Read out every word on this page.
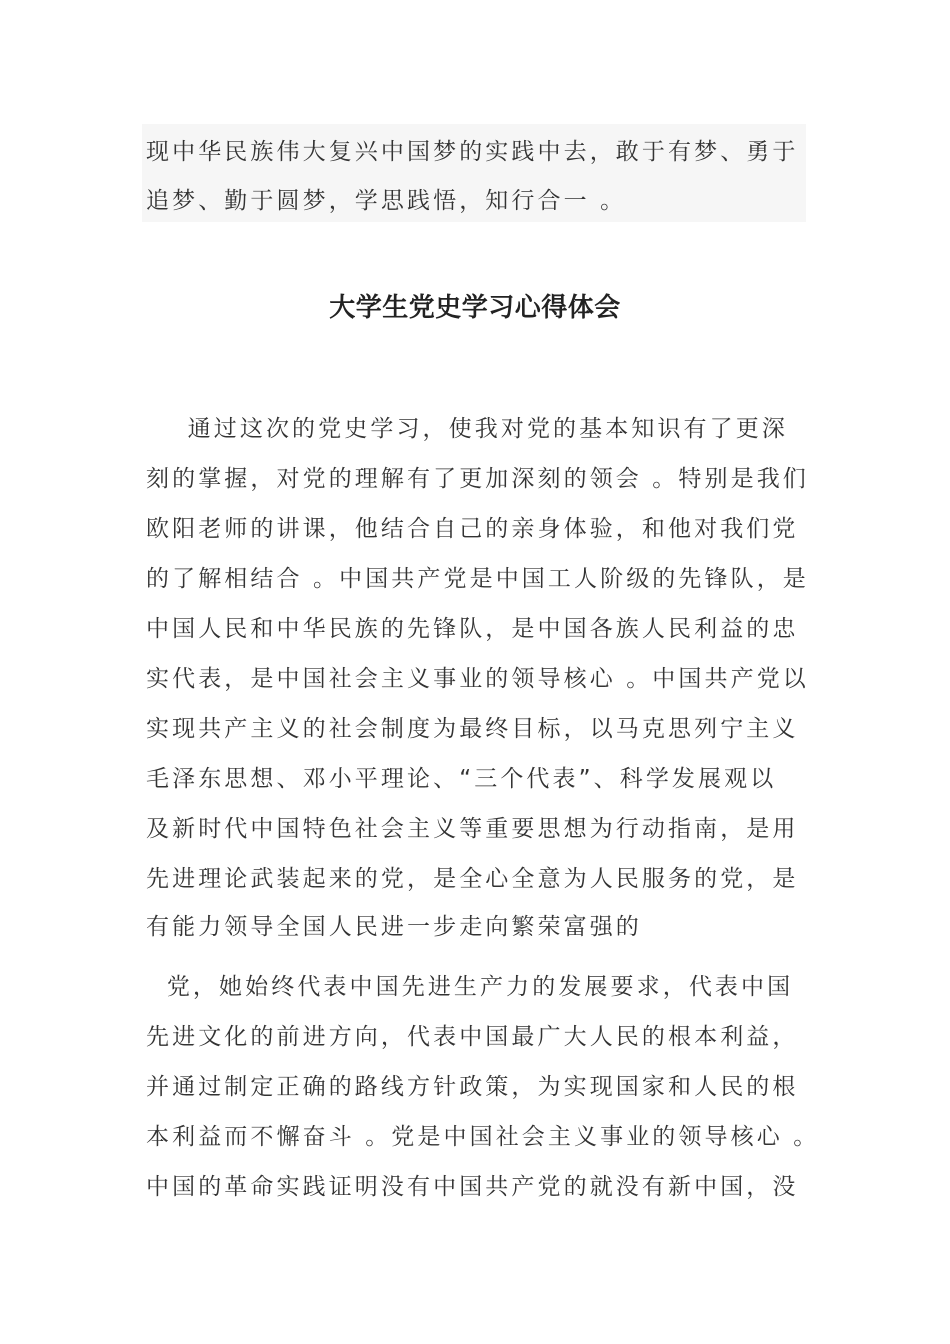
现中华民族伟大复兴中国梦的实践中去，敢于有梦、勇于
追梦、勤于圆梦，学思践悟，知行合一 。
大学生党史学习心得体会
通过这次的党史学习，使我对党的基本知识有了更深
刻的掌握，对党的理解有了更加深刻的领会 。特别是我们
欧阳老师的讲课，他结合自己的亲身体验，和他对我们党
的了解相结合 。中国共产党是中国工人阶级的先锋队，是
中国人民和中华民族的先锋队，是中国各族人民利益的忠
实代表，是中国社会主义事业的领导核心 。中国共产党以
实现共产主义的社会制度为最终目标，以马克思列宁主义
毛泽东思想、邓小平理论、“三个代表”、科学发展观以
及新时代中国特色社会主义等重要思想为行动指南，是用
先进理论武装起来的党，是全心全意为人民服务的党，是
有能力领导全国人民进一步走向繁荣富强的
党，她始终代表中国先进生产力的发展要求，代表中国
先进文化的前进方向，代表中国最广大人民的根本利益，
并通过制定正确的路线方针政策，为实现国家和人民的根
本利益而不懈奋斗 。党是中国社会主义事业的领导核心 。
中国的革命实践证明没有中国共产党的就没有新中国，没
